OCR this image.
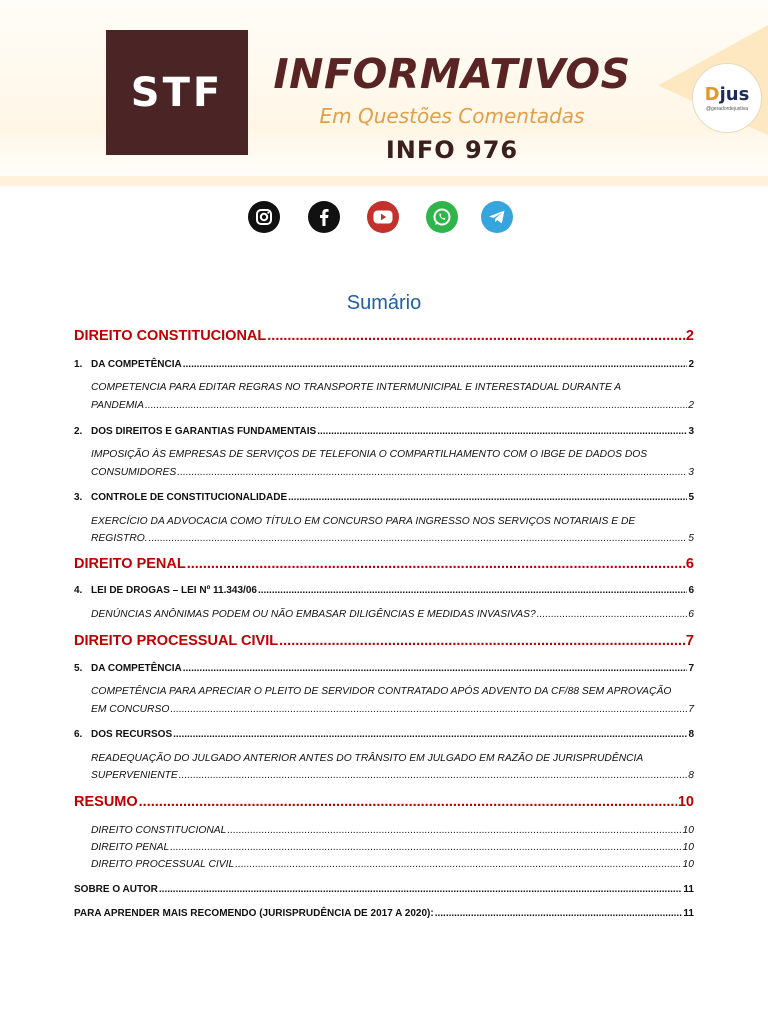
STF	INFORMATIVOS
Em Questões Comentadas
INFO 976
Djus
@geradordejustiva
Sumário
DIREITO CONSTITUCIONAL .....	2
1. DA COMPETÊNCIA .....	2
COMPETENCIA PARA EDITAR REGRAS NO TRANSPORTE INTERMUNICIPAL E INTERESTADUAL DURANTE A
PANDEMIA .....	2
2. DOS DIREITOS E GARANTIAS FUNDAMENTAIS .....	3
IMPOSIÇÃO ÀS EMPRESAS DE SERVIÇOS DE TELEFONIA O COMPARTILHAMENTO COM O IBGE DE DADOS DOS
CONSUMIDORES .....	3
3. CONTROLE DE CONSTITUCIONALIDADE .....	5
EXERCÍCIO DA ADVOCACIA COMO TÍTULO EM CONCURSO PARA INGRESSO NOS SERVIÇOS NOTARIAIS E DE
REGISTRO. .....	5
DIREITO PENAL .....	6
4. LEI DE DROGAS – LEI Nº 11.343/06 .....	6
DENÚNCIAS ANÔNIMAS PODEM OU NÃO EMBASAR DILIGÊNCIAS E MEDIDAS INVASIVAS? .....	6
DIREITO PROCESSUAL CIVIL .....	7
5. DA COMPETÊNCIA .....	7
COMPETÊNCIA PARA APRECIAR O PLEITO DE SERVIDOR CONTRATADO APÓS ADVENTO DA CF/88 SEM APROVAÇÃO
EM CONCURSO .....	7
6. DOS RECURSOS .....	8
READEQUAÇÃO DO JULGADO ANTERIOR ANTES DO TRÂNSITO EM JULGADO EM RAZÃO DE JURISPRUDÊNCIA
SUPERVENIENTE .....	8
RESUMO .....	10
DIREITO CONSTITUCIONAL .....	10
DIREITO PENAL .....	10
DIREITO PROCESSUAL CIVIL .....	10
SOBRE O AUTOR .....	11
PARA APRENDER MAIS RECOMENDO (JURISPRUDÊNCIA DE 2017 A 2020): .....	11
